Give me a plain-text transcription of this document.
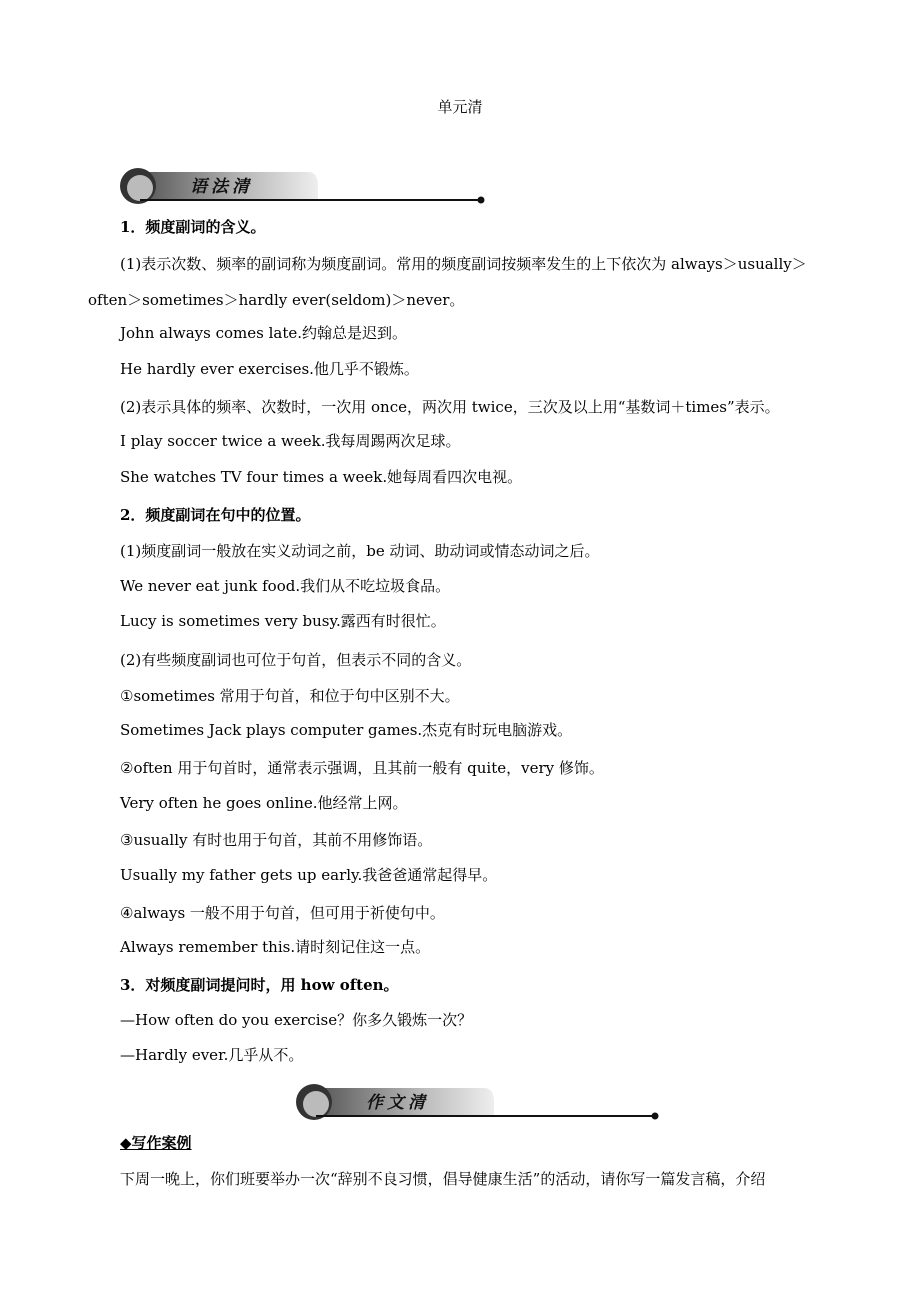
单元清
语法清
1．频度副词的含义。
(1)表示次数、频率的副词称为频度副词。常用的频度副词按频率发生的上下依次为 always＞usually＞
often＞sometimes＞hardly ever(seldom)＞never。
John always comes late.约翰总是迟到。
He hardly ever exercises.他几乎不锻炼。
(2)表示具体的频率、次数时，一次用 once，两次用 twice，三次及以上用“基数词＋times”表示。
I play soccer twice a week.我每周踢两次足球。
She watches TV four times a week.她每周看四次电视。
2．频度副词在句中的位置。
(1)频度副词一般放在实义动词之前，be 动词、助动词或情态动词之后。
We never eat junk food.我们从不吃垃圾食品。
Lucy is sometimes very busy.露西有时很忙。
(2)有些频度副词也可位于句首，但表示不同的含义。
①sometimes 常用于句首，和位于句中区别不大。
Sometimes Jack plays computer games.杰克有时玩电脑游戏。
②often 用于句首时，通常表示强调，且其前一般有 quite，very 修饰。
Very often he goes online.他经常上网。
③usually 有时也用于句首，其前不用修饰语。
Usually my father gets up early.我爸爸通常起得早。
④always 一般不用于句首，但可用于祈使句中。
Always remember this.请时刻记住这一点。
3．对频度副词提问时，用 how often。
—How often do you exercise？你多久锻炼一次？
—Hardly ever.几乎从不。
作文清
◆写作案例
下周一晚上，你们班要举办一次“辞别不良习惯，倡导健康生活”的活动，请你写一篇发言稿，介绍
